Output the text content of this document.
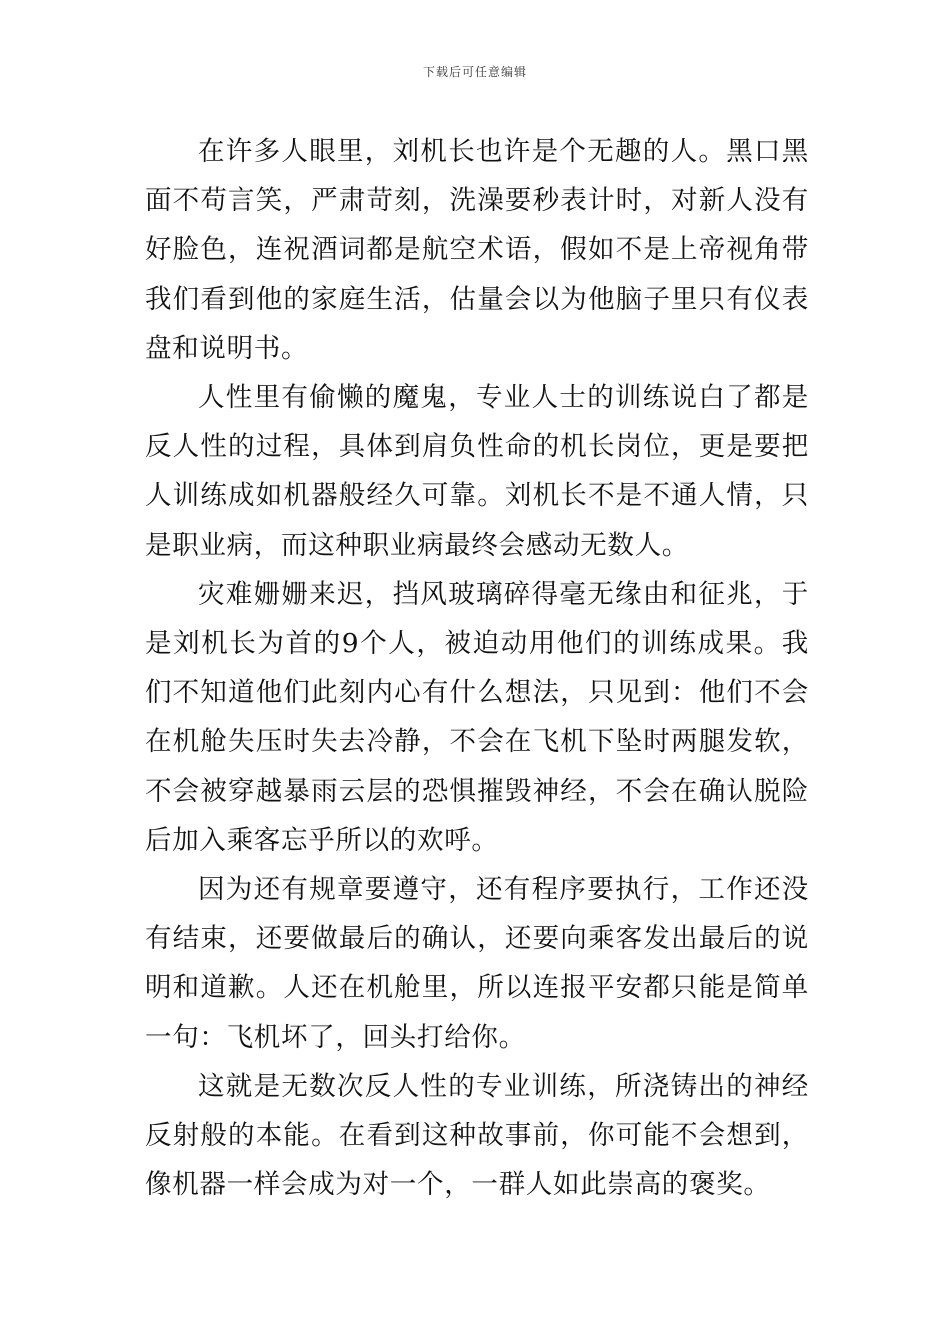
下载后可任意编辑

在许多人眼里，刘机长也许是个无趣的人。黑口黑面不苟言笑，严肃苛刻，洗澡要秒表计时，对新人没有好脸色，连祝酒词都是航空术语，假如不是上帝视角带我们看到他的家庭生活，估量会以为他脑子里只有仪表盘和说明书。

人性里有偷懒的魔鬼，专业人士的训练说白了都是反人性的过程，具体到肩负性命的机长岗位，更是要把人训练成如机器般经久可靠。刘机长不是不通人情，只是职业病，而这种职业病最终会感动无数人。

灾难姗姗来迟，挡风玻璃碎得毫无缘由和征兆，于是刘机长为首的9个人，被迫动用他们的训练成果。我们不知道他们此刻内心有什么想法，只见到：他们不会在机舱失压时失去冷静，不会在飞机下坠时两腿发软，不会被穿越暴雨云层的恐惧摧毁神经，不会在确认脱险后加入乘客忘乎所以的欢呼。

因为还有规章要遵守，还有程序要执行，工作还没有结束，还要做最后的确认，还要向乘客发出最后的说明和道歉。人还在机舱里，所以连报平安都只能是简单一句：飞机坏了，回头打给你。

这就是无数次反人性的专业训练，所浇铸出的神经反射般的本能。在看到这种故事前，你可能不会想到，像机器一样会成为对一个，一群人如此崇高的褒奖。
